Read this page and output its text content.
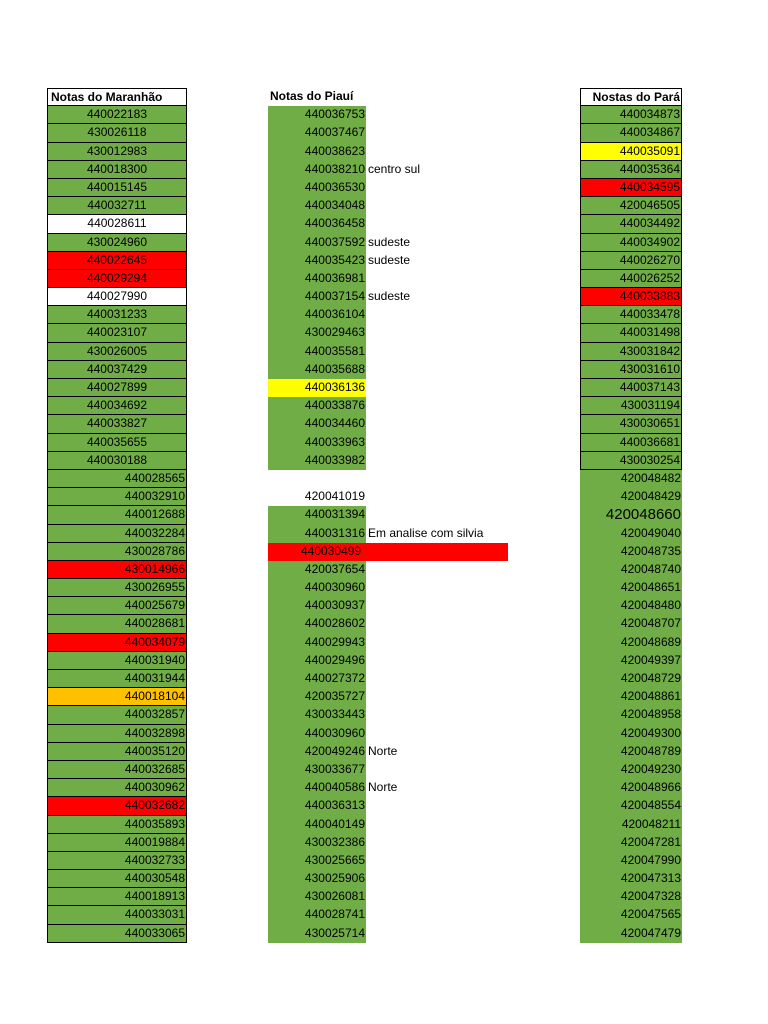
Notas do Maranhão
440022183
430026118
430012983
440018300
440015145
440032711
440028611
430024960
440022645
440029294
440027990
440031233
440023107
430026005
440037429
440027899
440034692
440033827
440035655
440030188
440028565
440032910
440012688
440032284
430028786
430014966
430026955
440025679
440028681
440034079
440031940
440031944
440018104
440032857
440032898
440035120
440032685
440030962
440032682
440035893
440019884
440032733
440030548
440018913
440033031
440033065
Notas do Piauí
440036753
440037467
440038623
440038210 centro sul
440036530
440034048
440036458
440037592 sudeste
440035423 sudeste
440036981
440037154 sudeste
440036104
430029463
440035581
440035688
440036136
440033876
440034460
440033963
440033982
420041019
440031394
440031316 Em analise com silvia
440030499
420037654
440030960
440030937
440028602
440029943
440029496
440027372
420035727
430033443
440030960
420049246 Norte
430033677
440040586 Norte
440036313
440040149
430032386
430025665
430025906
430026081
440028741
430025714
Nostas do Pará
440034873
440034867
440035091
440035364
440034595
420046505
440034492
440034902
440026270
440026252
440033883
440033478
440031498
430031842
430031610
440037143
430031194
430030651
440036681
430030254
420048482
420048429
420048660
420049040
420048735
420048740
420048651
420048480
420048707
420048689
420049397
420048729
420048861
420048958
420049300
420048789
420049230
420048966
420048554
420048211
420047281
420047990
420047313
420047328
420047565
420047479
